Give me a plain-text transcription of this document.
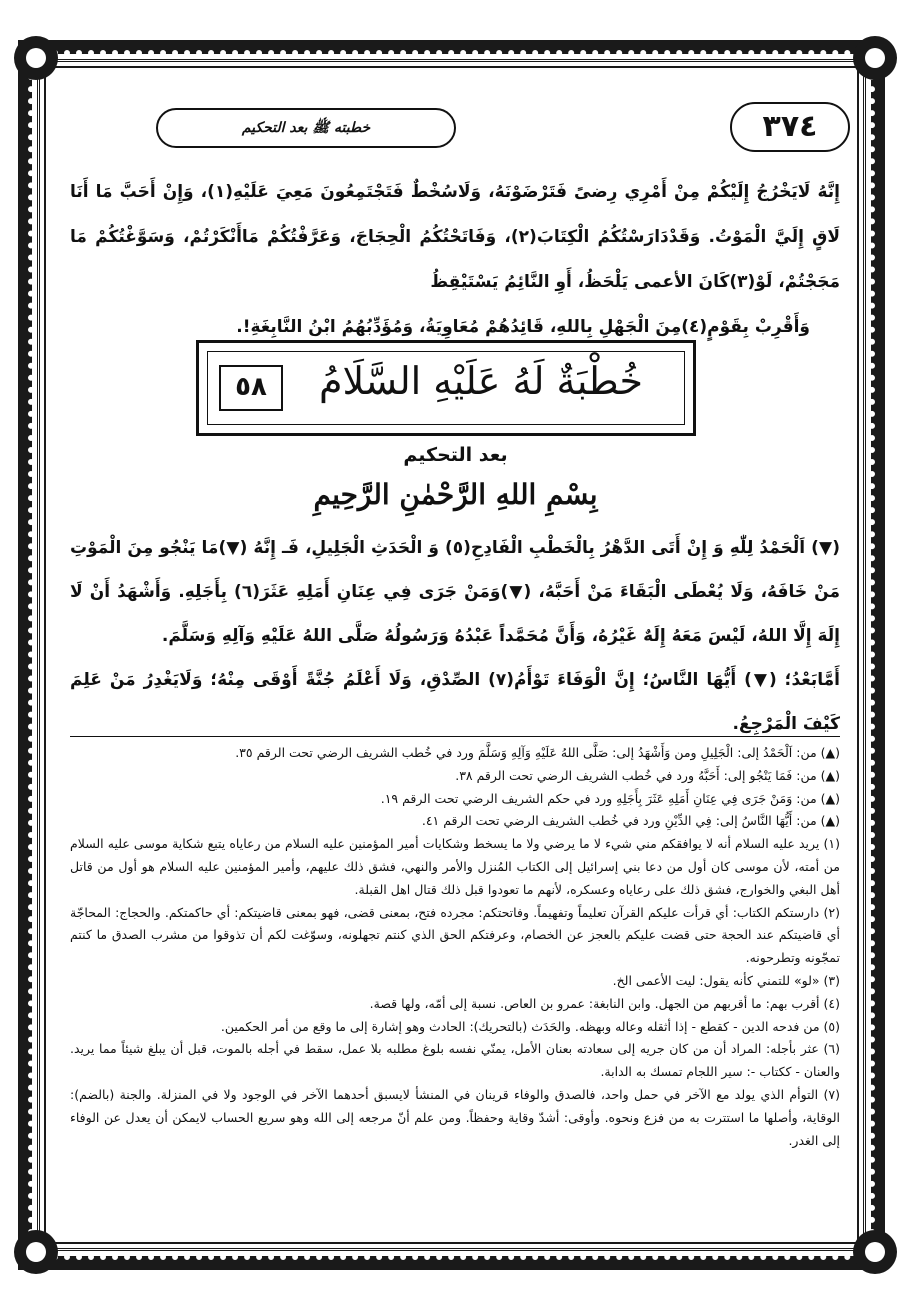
٣٧٤
خطبته ﷺ بعد التحكيم

إِنَّهُ لَايَخْرُجُ إِلَيْكُمْ مِنْ أَمْرِي رِضىً فَتَرْضَوْنَهُ، وَلَاسُخْطٌ فَتَجْتَمِعُونَ مَعِيَ عَلَيْهِ(١)، وَإِنْ أَحَبَّ مَا أَنَا لَاقٍ إِلَيَّ الْمَوْتُ. وَقَدْدَارَسْتُكُمُ الْكِتَابَ(٢)، وَفَاتَحْتُكُمُ الْحِجَاجَ، وَعَرَّفْتُكُمْ مَاأَنْكَرْتُمْ، وَسَوَّغْتُكُمْ مَا مَجَجْتُمْ، لَوْ(٣)كَانَ الأعمى يَلْحَظُ، أَوِ النَّائِمُ يَسْتَيْقِظُ

وَأَقْرِبْ بِقَوْمٍ(٤)مِنَ الْجَهْلِ بِاللهِ، قَائِدُهُمْ مُعَاوِيَةُ، وَمُؤَدِّبُهُمُ ابْنُ النَّابِغَةِ!.

خُطْبَةٌ لَهُ عَلَيْهِ السَّلَامُ
٥٨
بعد التحكيم
بِسْمِ اللهِ الرَّحْمٰنِ الرَّحِيمِ

(▼) اَلْحَمْدُ لِلّٰهِ وَ إِنْ أَتَى الدَّهْرُ بِالْخَطْبِ الْفَادِحِ(٥) وَ الْحَدَثِ الْجَلِيلِ، فَـ إِنَّهُ (▼)مَا يَنْجُو مِنَ الْمَوْتِ مَنْ خَافَهُ، وَلَا يُعْطَى الْبَقَاءَ مَنْ أَحَبَّهُ، (▼)وَمَنْ جَرَى فِي عِنَانِ أَمَلِهِ عَثَرَ(٦) بِأَجَلِهِ. وَأَشْهَدُ أَنْ لَا إِلَهَ إِلَّا اللهُ، لَيْسَ مَعَهُ إِلَهٌ غَيْرُهُ، وَأَنَّ مُحَمَّداً عَبْدُهُ وَرَسُولُهُ صَلَّى اللهُ عَلَيْهِ وَآلِهِ وَسَلَّمَ.

أَمَّابَعْدُ؛ (▼) أَيُّهَا النَّاسُ؛ إِنَّ الْوَفَاءَ تَوْأَمُ(٧) الصِّدْقِ، وَلَا أَعْلَمُ جُنَّةً أَوْقَى مِنْهُ؛ وَلَايَغْدِرُ مَنْ عَلِمَ كَيْفَ الْمَرْجِعُ.

(▲) من: اَلْحَمْدُ إلى: الْجَلِيلِ ومن وَأَشْهَدُ إلى: صَلَّى اللهُ عَلَيْهِ وَآلِهِ وَسَلَّمَ ورد في خُطب الشريف الرضي تحت الرقم ٣٥.

(▲) من: فَمَا يَنْجُو إلى: أَحَبَّهُ ورد في خُطب الشريف الرضي تحت الرقم ٣٨.

(▲) من: وَمَنْ جَرَى فِي عِنَانِ أَمَلِهِ عَثَرَ بِأَجَلِهِ ورد في حكم الشريف الرضي تحت الرقم ١٩.

(▲) من: أَيُّهَا النَّاسُ إلى: فِي الدِّيْنِ ورد في خُطب الشريف الرضي تحت الرقم ٤١.

(١) يريد عليه السلام أنه لا يوافقكم مني شيء لا ما يرضي ولا ما يسخط وشكايات أمير المؤمنين عليه السلام من رعاياه يتبع شكاية موسى عليه السلام من أمته، لأن موسى كان أول من دعا بني إسرائيل إلى الكتاب المُنزل والأمر والنهي، فشق ذلك عليهم، وأمير المؤمنين عليه السلام هو أول من قاتل أهل البغي والخوارج، فشق ذلك على رعاياه وعسكره، لأنهم ما تعودوا قبل ذلك قتال اهل القبلة.

(٢) دارستكم الكتاب: أي قرأت عليكم القرآن تعليماً وتفهيماً. وفاتحتكم: مجرده فتح، بمعنى قضى، فهو بمعنى قاضيتكم: أي حاكمتكم. والحجاج: المحاجّة أي قاضيتكم عند الحجة حتى قضت عليكم بالعجز عن الخصام، وعرفتكم الحق الذي كنتم تجهلونه، وسوّغت لكم أن تذوقوا من مشرب الصدق ما كنتم تمجّونه وتطرحونه.

(٣) «لو» للتمني كأنه يقول: ليت الأعمى الخ.

(٤) أقرب بهم: ما أقربهم من الجهل. وابن النابغة: عمرو بن العاص. نسبة إلى أمّه، ولها قصة.

(٥) من فدحه الدين - كقطع - إذا أثقله وعاله وبهظه. والحَدَث (بالتحريك): الحادث وهو إشارة إلى ما وقع من أمر الحكمين.

(٦) عثر بأجله: المراد أن من كان جريه إلى سعادته بعنان الأمل، يمنّي نفسه بلوغ مطلبه بلا عمل، سقط في أجله بالموت، قبل أن يبلغ شيئاً مما يريد. والعنان - ككتاب -: سير اللجام تمسك به الدابة.

(٧) التوأم الذي يولد مع الآخر في حمل واحد، فالصدق والوفاء قرينان في المنشأ لايسبق أحدهما الآخر في الوجود ولا في المنزلة. والجنة (بالضم): الوقاية، وأصلها ما استترت به من فزع ونحوه. وأوقى: أشدّ وقاية وحفظاً. ومن علم أنّ مرجعه إلى الله وهو سريع الحساب لايمكن أن يعدل عن الوفاء إلى الغدر.
